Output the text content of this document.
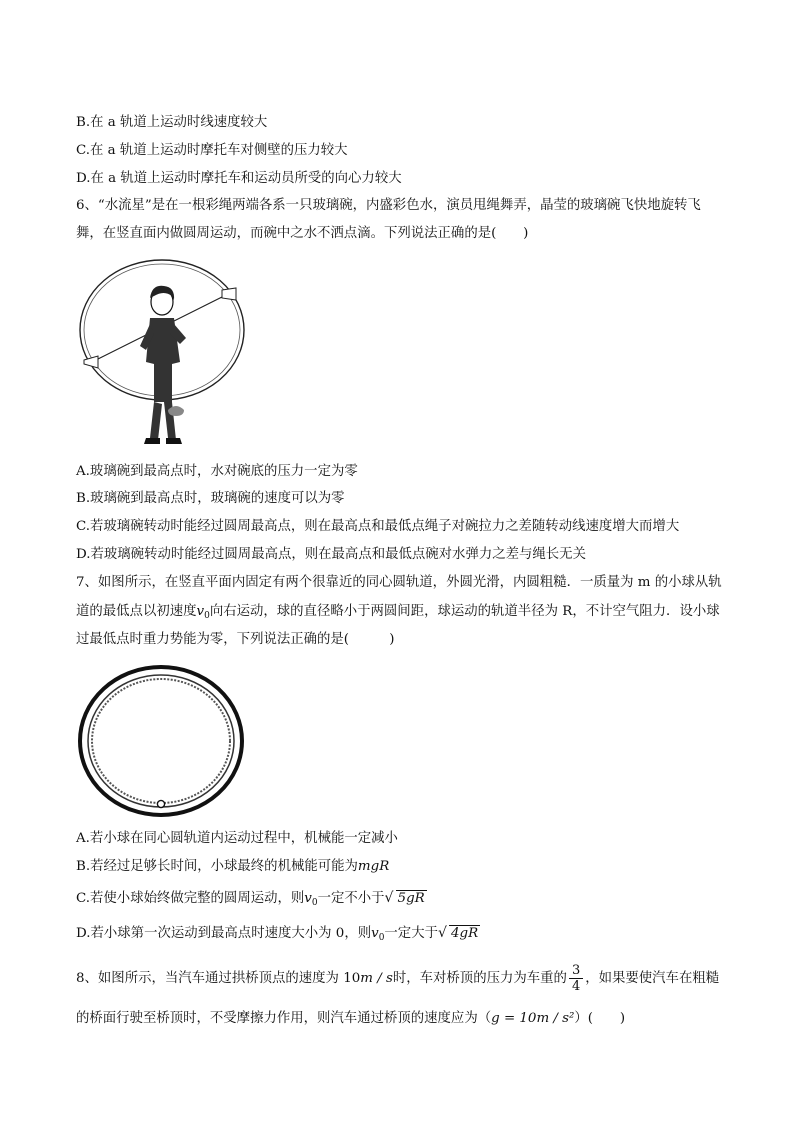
B.在 a 轨道上运动时线速度较大
C.在 a 轨道上运动时摩托车对侧壁的压力较大
D.在 a 轨道上运动时摩托车和运动员所受的向心力较大
6、“水流星”是在一根彩绳两端各系一只玻璃碗，内盛彩色水，演员甩绳舞弄，晶莹的玻璃碗飞快地旋转飞
舞，在竖直面内做圆周运动，而碗中之水不洒点滴。下列说法正确的是(　　)
A.玻璃碗到最高点时，水对碗底的压力一定为零
B.玻璃碗到最高点时，玻璃碗的速度可以为零
C.若玻璃碗转动时能经过圆周最高点，则在最高点和最低点绳子对碗拉力之差随转动线速度增大而增大
D.若玻璃碗转动时能经过圆周最高点，则在最高点和最低点碗对水弹力之差与绳长无关
7、如图所示，在竖直平面内固定有两个很靠近的同心圆轨道，外圆光滑，内圆粗糙．一质量为 m 的小球从轨
道的最低点以初速度$v_0$向右运动，球的直径略小于两圆间距，球运动的轨道半径为 R，不计空气阻力．设小球
过最低点时重力势能为零，下列说法正确的是(　　　)
A.若小球在同心圆轨道内运动过程中，机械能一定减小
B.若经过足够长时间，小球最终的机械能可能为mgR
C.若使小球始终做完整的圆周运动，则$v_0$一定不小于 √ 5gR
D.若小球第一次运动到最高点时速度大小为 0，则$v_0$一定大于 √ 4gR
8、如图所示，当汽车通过拱桥顶点的速度为 10m / s时，车对桥顶的压力为车重的 $\frac{3}{4}$ ，如果要使汽车在粗糙
的桥面行驶至桥顶时，不受摩擦力作用，则汽车通过桥顶的速度应为（g = 10m / s²）(　　)
